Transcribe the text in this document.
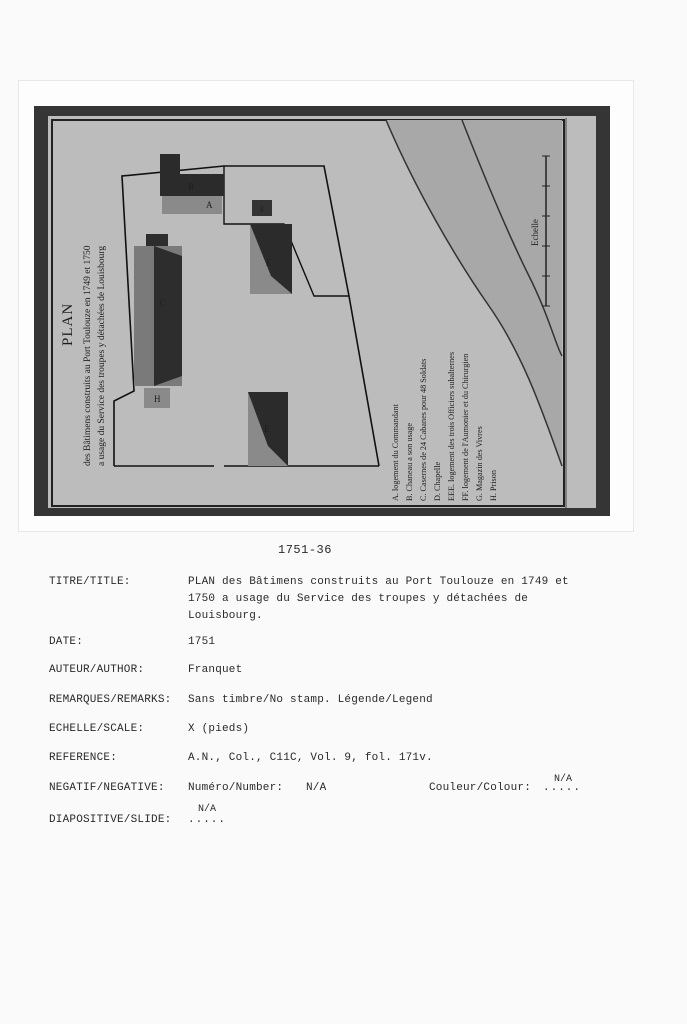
A
B
C
E
E
E
H
PLAN des Bâtimens construits au Port Toulouze en 1749 et 1750 a usage du Service des troupes y détachées de Louisbourg	A. logement du Commandant B. Chaneau a son usage C. Casernes de 24 Cabanes pour 48 Soldats D. Chapelle EEE. logement des trois Officiers subalternes FF. logement de l'Aumonier et du Chirurgien G. Magazin des Vivres H. Prison
Echelle
1751-36
TITRE/TITLE:	PLAN des Bâtimens construits au Port Toulouze en 1749 et 1750 a usage du Service des troupes y détachées de Louisbourg.
DATE:	1751
AUTEUR/AUTHOR:	Franquet
REMARQUES/REMARKS: Sans timbre/No stamp. Légende/Legend
ECHELLE/SCALE:	X (pieds)
REFERENCE:	A.N., Col., C11C, Vol. 9, fol. 171v.
NEGATIF/NEGATIVE: Numéro/Number: N/A	Couleur/Colour:
N/A
.....
DIAPOSITIVE/SLIDE:
N/A
.....
